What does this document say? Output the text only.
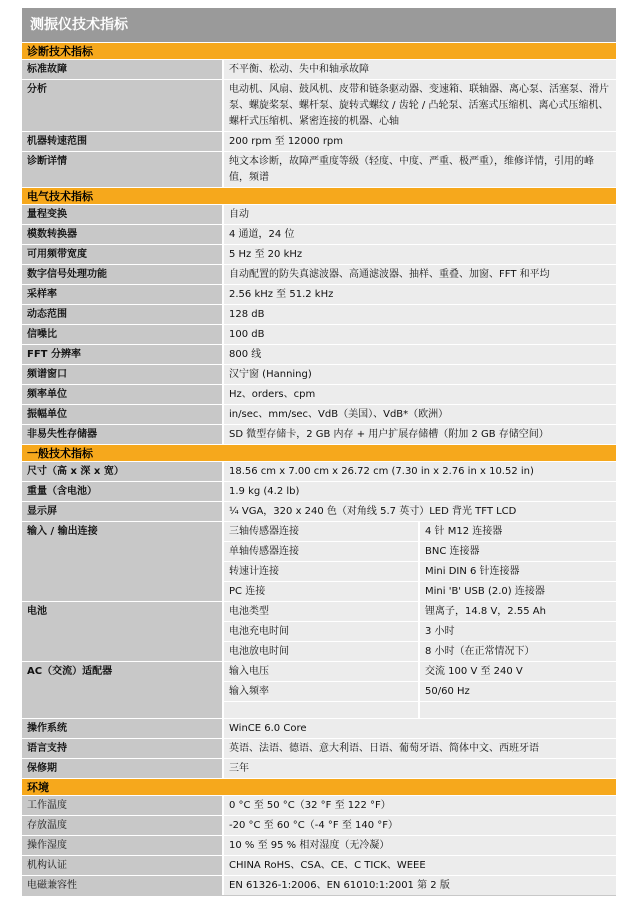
测振仪技术指标
诊断技术指标
标准故障	不平衡、松动、失中和轴承故障
分析	电动机、风扇、鼓风机、皮带和链条驱动器、变速箱、联轴器、离心泵、活塞泵、滑片泵、螺旋桨泵、螺杆泵、旋转式螺纹 / 齿轮 / 凸轮泵、活塞式压缩机、离心式压缩机、螺杆式压缩机、紧密连接的机器、心轴
机器转速范围	200 rpm 至 12000 rpm
诊断详情	纯文本诊断，故障严重度等级（轻度、中度、严重、极严重），维修详情，引用的峰值，频谱
电气技术指标
量程变换	自动
模数转换器	4 通道，24 位
可用频带宽度	5 Hz 至 20 kHz
数字信号处理功能	自动配置的防失真滤波器、高通滤波器、抽样、重叠、加窗、FFT 和平均
采样率	2.56 kHz 至 51.2 kHz
动态范围	128 dB
信噪比	100 dB
FFT 分辨率	800 线
频谱窗口	汉宁窗 (Hanning)
频率单位	Hz、orders、cpm
振幅单位	in/sec、mm/sec、VdB（美国）、VdB*（欧洲）
非易失性存储器	SD 微型存储卡，2 GB 内存 + 用户扩展存储槽（附加 2 GB 存储空间）
一般技术指标
尺寸（高 x 深 x 宽）	18.56 cm x 7.00 cm x 26.72 cm (7.30 in x 2.76 in x 10.52 in)	
重量（含电池）	1.9 kg (4.2 lb)	
显示屏	¼ VGA，320 x 240 色（对角线 5.7 英寸）LED 背光 TFT LCD	
输入 / 输出连接	三轴传感器连接	4 针 M12 连接器
	单轴传感器连接	BNC 连接器
	转速计连接	Mini DIN 6 针连接器
	PC 连接	Mini 'B' USB (2.0) 连接器
电池	电池类型	锂离子，14.8 V，2.55 Ah
	电池充电时间	3 小时
	电池放电时间	8 小时（在正常情况下）
AC（交流）适配器	输入电压	交流 100 V 至 240 V
	输入频率	50/60 Hz

操作系统	WinCE 6.0 Core	
语言支持	英语、法语、德语、意大利语、日语、葡萄牙语、简体中文、西班牙语	
保修期	三年	
环境
工作温度	0 °C 至 50 °C（32 °F 至 122 °F）
存放温度	-20 °C 至 60 °C（-4 °F 至 140 °F）
操作湿度	10 % 至 95 % 相对湿度（无冷凝）
机构认证	CHINA RoHS、CSA、CE、C TICK、WEEE
电磁兼容性	EN 61326-1:2006、EN 61010:1:2001 第 2 版
